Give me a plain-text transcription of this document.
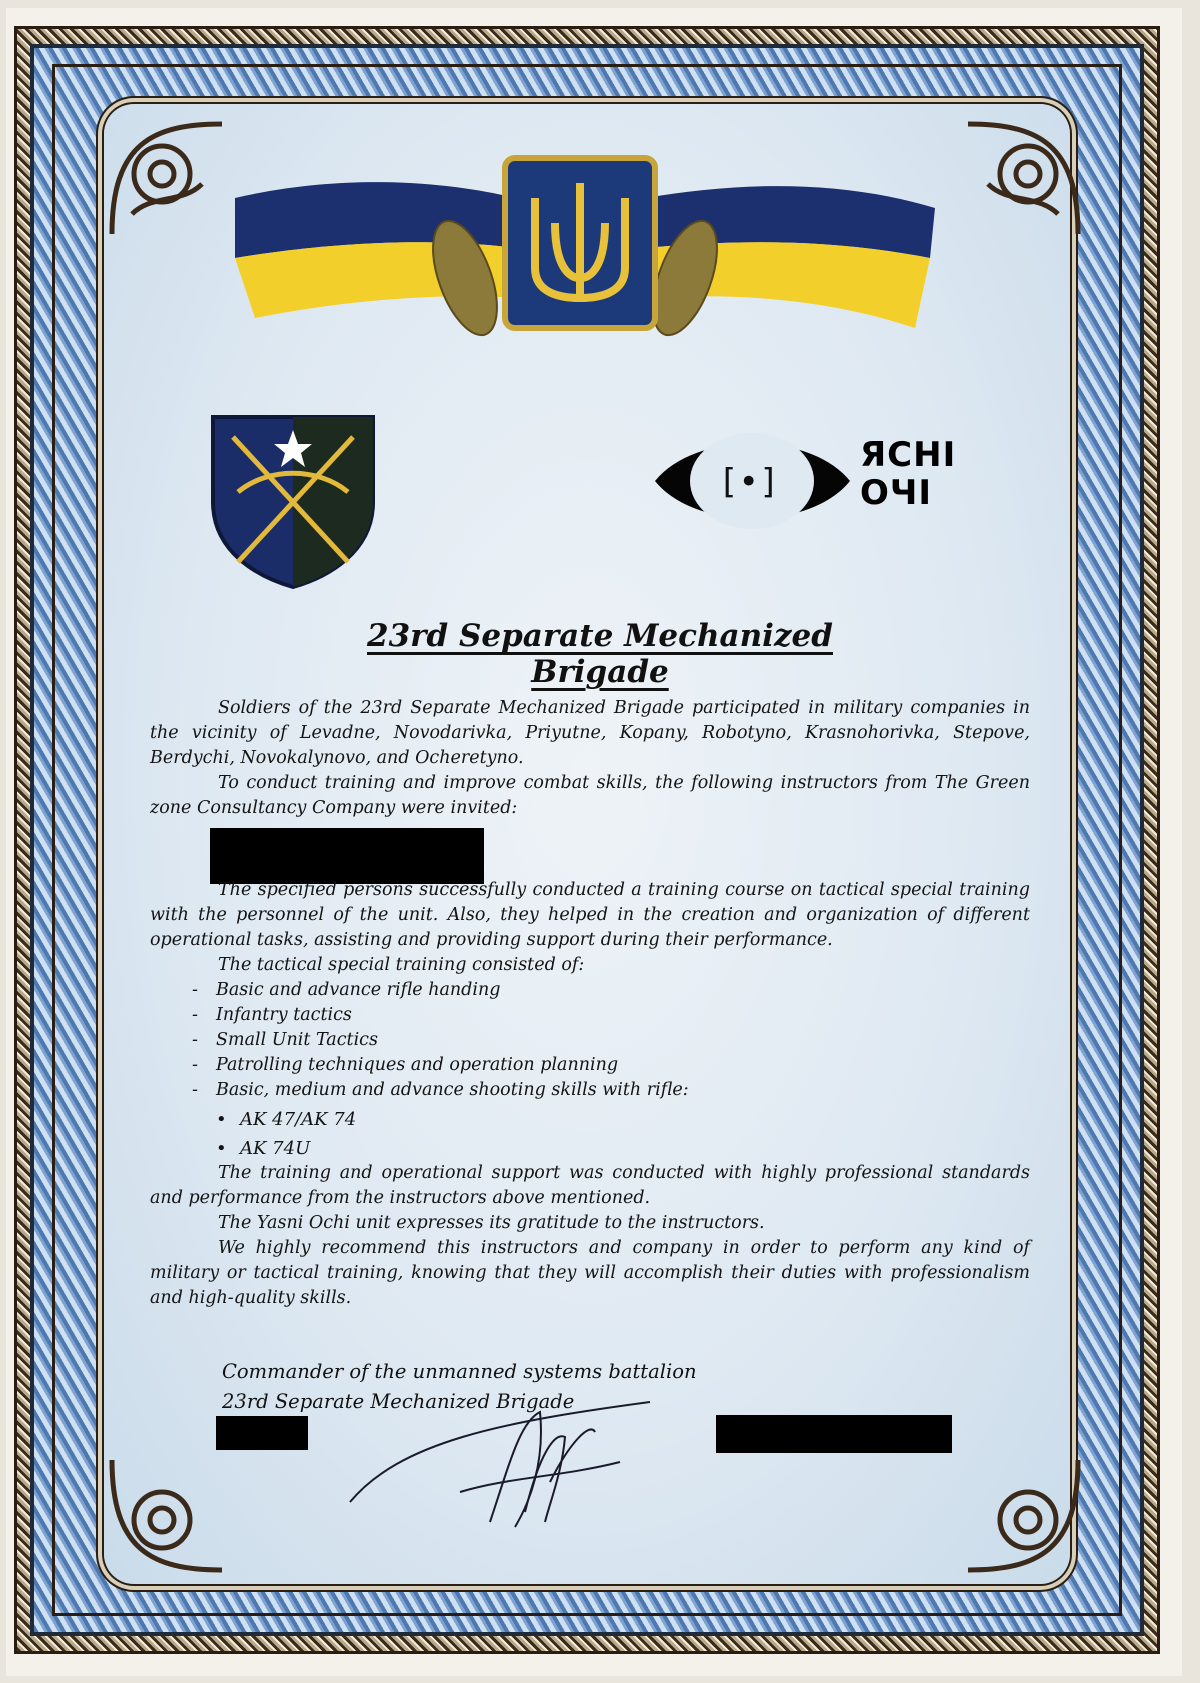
[•]
ЯСНІ
ОЧІ
23rd Separate Mechanized Brigade

Soldiers of the 23rd Separate Mechanized Brigade participated in military companies in the vicinity of Levadne, Novodarivka, Priyutne, Kopany, Robotyno, Krasnohorivka, Stepove, Berdychi, Novokalynovo, and Ocheretyno.

To conduct training and improve combat skills, the following instructors from The Green zone Consultancy Company were invited:

The specified persons successfully conducted a training course on tactical special training with the personnel of the unit. Also, they helped in the creation and organization of different operational tasks, assisting and providing support during their performance.

The tactical special training consisted of:

- Basic and advance rifle handing

- Infantry tactics

- Small Unit Tactics

- Patrolling techniques and operation planning

- Basic, medium and advance shooting skills with rifle:

• AK 47/AK 74

• AK 74U

The training and operational support was conducted with highly professional standards and performance from the instructors above mentioned.

The Yasni Ochi unit expresses its gratitude to the instructors.

We highly recommend this instructors and company in order to perform any kind of military or tactical training, knowing that they will accomplish their duties with professionalism and high-quality skills.

Commander of the unmanned systems battalion
23rd Separate Mechanized Brigade
